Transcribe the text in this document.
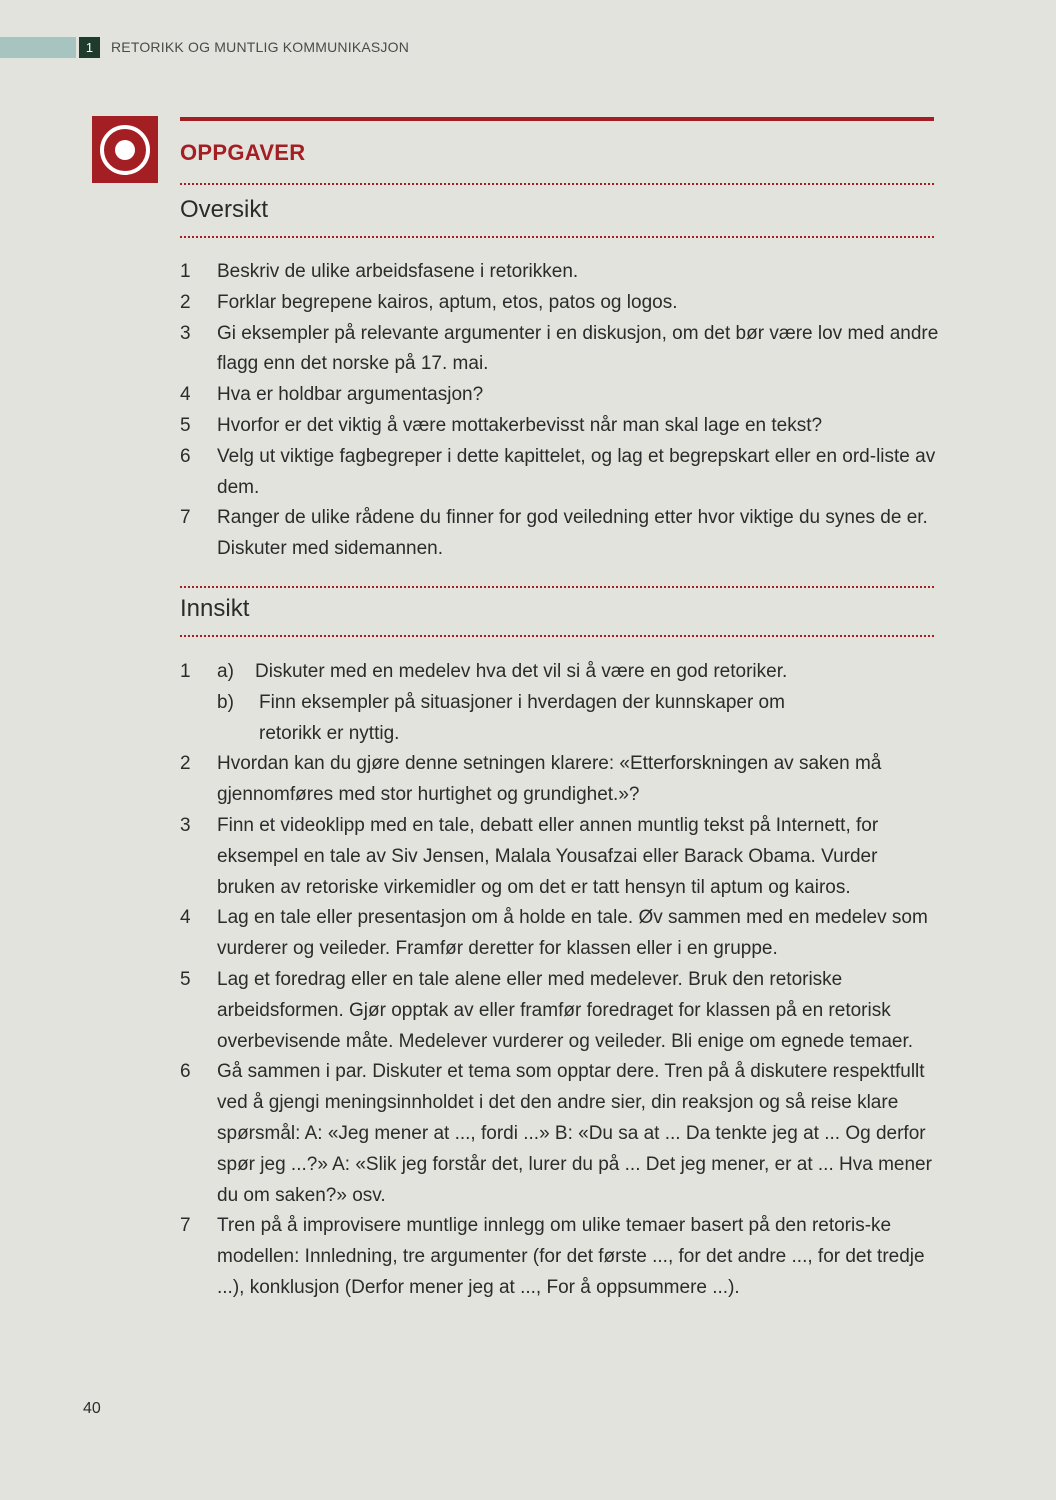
1	RETORIKK OG MUNTLIG KOMMUNIKASJON
OPPGAVER
Oversikt
1 Beskriv de ulike arbeidsfasene i retorikken.
2 Forklar begrepene kairos, aptum, etos, patos og logos.
3 Gi eksempler på relevante argumenter i en diskusjon, om det bør være lov med andre flagg enn det norske på 17. mai.
4 Hva er holdbar argumentasjon?
5 Hvorfor er det viktig å være mottakerbevisst når man skal lage en tekst?
6 Velg ut viktige fagbegreper i dette kapittelet, og lag et begrepskart eller en ord-liste av dem.
7 Ranger de ulike rådene du finner for god veiledning etter hvor viktige du synes de er. Diskuter med sidemannen.
Innsikt
1 a) Diskuter med en medelev hva det vil si å være en god retoriker.
b) Finn eksempler på situasjoner i hverdagen der kunnskaper om retorikk er nyttig.
2 Hvordan kan du gjøre denne setningen klarere: «Etterforskningen av saken må gjennomføres med stor hurtighet og grundighet.»?
3 Finn et videoklipp med en tale, debatt eller annen muntlig tekst på Internett, for eksempel en tale av Siv Jensen, Malala Yousafzai eller Barack Obama. Vurder bruken av retoriske virkemidler og om det er tatt hensyn til aptum og kairos.
4 Lag en tale eller presentasjon om å holde en tale. Øv sammen med en medelev som vurderer og veileder. Framfør deretter for klassen eller i en gruppe.
5 Lag et foredrag eller en tale alene eller med medelever. Bruk den retoriske arbeidsformen. Gjør opptak av eller framfør foredraget for klassen på en retorisk overbevisende måte. Medelever vurderer og veileder. Bli enige om egnede temaer.
6 Gå sammen i par. Diskuter et tema som opptar dere. Tren på å diskutere respektfullt ved å gjengi meningsinnholdet i det den andre sier, din reaksjon og så reise klare spørsmål: A: «Jeg mener at ..., fordi ...» B: «Du sa at ... Da tenkte jeg at ... Og derfor spør jeg ...?» A: «Slik jeg forstår det, lurer du på ... Det jeg mener, er at ... Hva mener du om saken?» osv.
7 Tren på å improvisere muntlige innlegg om ulike temaer basert på den retoris-ke modellen: Innledning, tre argumenter (for det første ..., for det andre ..., for det tredje ...), konklusjon (Derfor mener jeg at ..., For å oppsummere ...).
40
